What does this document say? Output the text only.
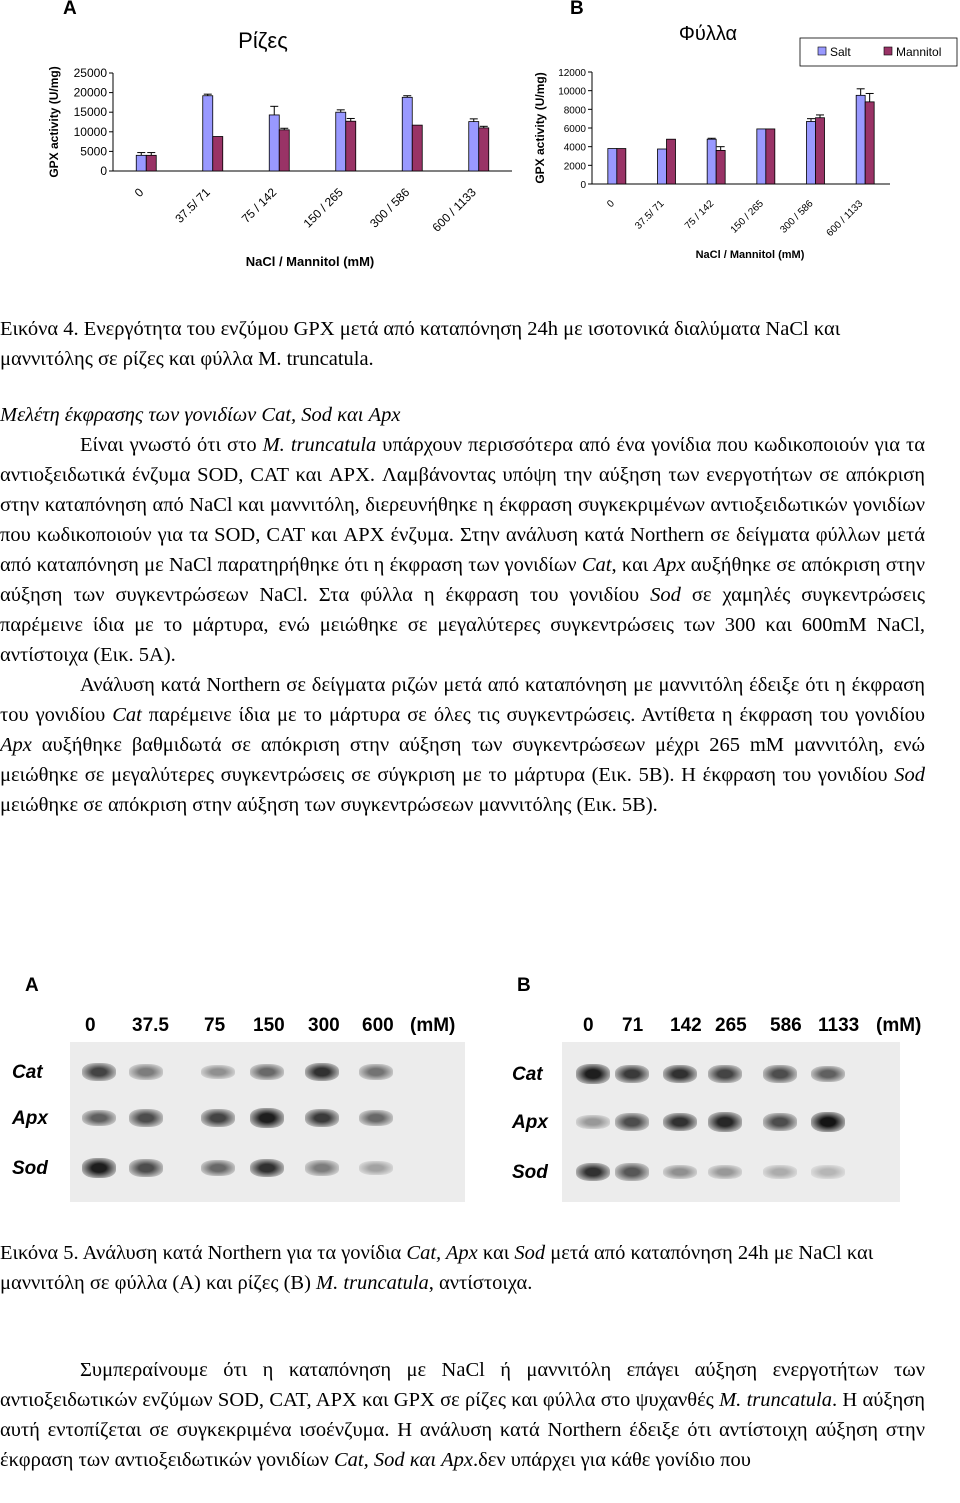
A	B
Ρίζες
GPX activity (U/mg) 25000
20000
15000
10000
5000
0
0 37.5/ 71 75 / 142 150 / 265 300 / 586 600 / 1133
NaCl / Mannitol (mM)
Φύλλα
GPX activity (U/mg) 12000
10000
8000
6000
4000
2000
0
0 37.5/ 71 75 / 142 150 / 265 300 / 586 600 / 1133
NaCl / Mannitol (mM)
Salt	Mannitol
Εικόνα 4. Ενεργότητα του ενζύμου GPX μετά από καταπόνηση 24h με ισοτονικά διαλύματα NaCl και μαννιτόλης σε ρίζες και φύλλα M. truncatula.

Μελέτη έκφρασης των γονιδίων Cat, Sod και Apx

Είναι γνωστό ότι στο M. truncatula υπάρχουν περισσότερα από ένα γονίδια που κωδικοποιούν για τα αντιοξειδωτικά ένζυμα SOD, CAT και APX. Λαμβάνοντας υπόψη την αύξηση των ενεργοτήτων σε απόκριση στην καταπόνηση από NaCl και μαννιτόλη, διερευνήθηκε η έκφραση συγκεκριμένων αντιοξειδωτικών γονιδίων που κωδικοποιούν για τα SOD, CAT και APX ένζυμα. Στην ανάλυση κατά Northern σε δείγματα φύλλων μετά από καταπόνηση με NaCl παρατηρήθηκε ότι η έκφραση των γονιδίων Cat, και Apx αυξήθηκε σε απόκριση στην αύξηση των συγκεντρώσεων NaCl. Στα φύλλα η έκφραση του γονιδίου Sod σε χαμηλές συγκεντρώσεις παρέμεινε ίδια με το μάρτυρα, ενώ μειώθηκε σε μεγαλύτερες συγκεντρώσεις των 300 και 600mM NaCl, αντίστοιχα (Εικ. 5A).

Ανάλυση κατά Northern σε δείγματα ριζών μετά από καταπόνηση με μαννιτόλη έδειξε ότι η έκφραση του γονιδίου Cat παρέμεινε ίδια με το μάρτυρα σε όλες τις συγκεντρώσεις. Αντίθετα η έκφραση του γονιδίου Apx αυξήθηκε βαθμιδωτά σε απόκριση στην αύξηση των συγκεντρώσεων μέχρι 265 mM μαννιτόλη, ενώ μειώθηκε σε μεγαλύτερες συγκεντρώσεις σε σύγκριση με το μάρτυρα (Εικ. 5B). Η έκφραση του γονιδίου Sod μειώθηκε σε απόκριση στην αύξηση των συγκεντρώσεων μαννιτόλης (Εικ. 5B).

A
0 37.5 75 150 300 600 (mM)
Cat
Apx
Sod
B
0 71 142 265 586 1133 (mM)
Cat
Apx
Sod
Εικόνα 5. Ανάλυση κατά Northern για τα γονίδια Cat, Apx και Sod μετά από καταπόνηση 24h με NaCl και μαννιτόλη σε φύλλα (A) και ρίζες (B) M. truncatula, αντίστοιχα.
Συμπεραίνουμε ότι η καταπόνηση με NaCl ή μαννιτόλη επάγει αύξηση ενεργοτήτων των αντιοξειδωτικών ενζύμων SOD, CAT, APX και GPX σε ρίζες και φύλλα στο ψυχανθές M. truncatula. Η αύξηση αυτή εντοπίζεται σε συγκεκριμένα ισοένζυμα. Η ανάλυση κατά Northern έδειξε ότι αντίστοιχη αύξηση στην έκφραση των αντιοξειδωτικών γονιδίων Cat, Sod και Apx.δεν υπάρχει για κάθε γονίδιο που
